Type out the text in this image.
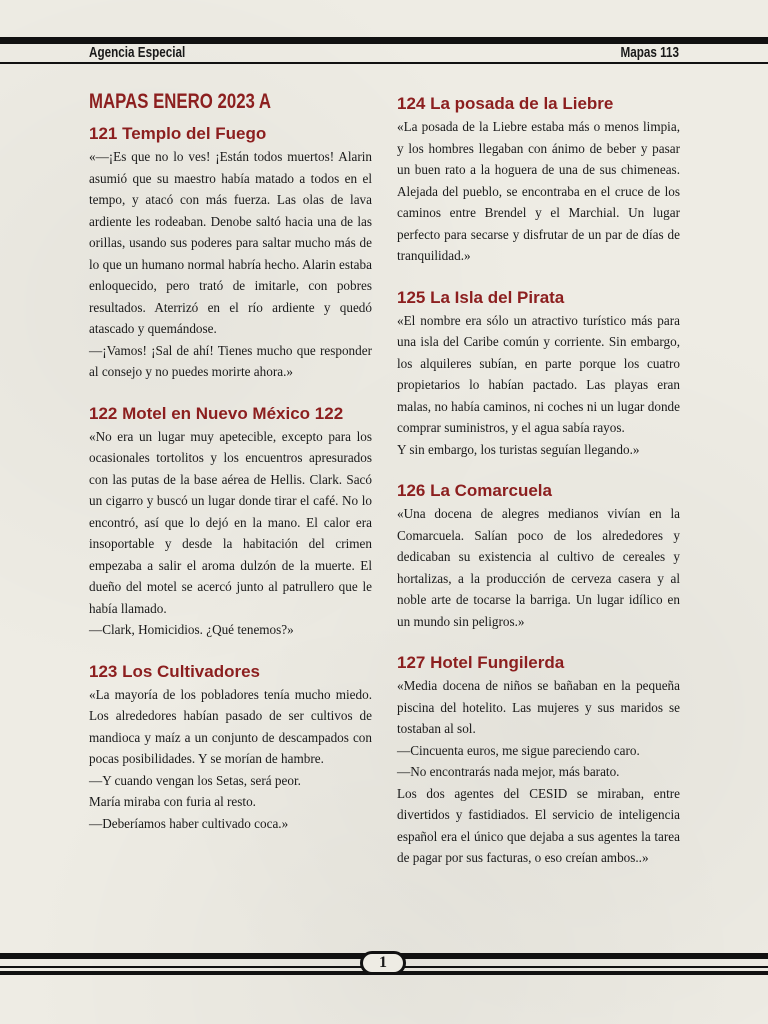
Agencia Especial	Mapas 113
MAPAS ENERO 2023 A
121 Templo del Fuego

«—¡Es que no lo ves! ¡Están todos muertos! Alarin asumió que su maestro había matado a todos en el tempo, y atacó con más fuerza. Las olas de lava ardiente les rodeaban. Denobe saltó hacia una de las orillas, usando sus poderes para saltar mucho más de lo que un humano normal habría hecho. Alarin estaba enloquecido, pero trató de imitarle, con pobres resultados. Aterrizó en el río ardiente y quedó atascado y quemándose.

—¡Vamos! ¡Sal de ahí! Tienes mucho que responder al consejo y no puedes morirte ahora.»

122 Motel en Nuevo México 122

«No era un lugar muy apetecible, excepto para los ocasionales tortolitos y los encuentros apresurados con las putas de la base aérea de Hellis. Clark. Sacó un cigarro y buscó un lugar donde tirar el café. No lo encontró, así que lo dejó en la mano. El calor era insoportable y desde la habitación del crimen empezaba a salir el aroma dulzón de la muerte. El dueño del motel se acercó junto al patrullero que le había llamado.

—Clark, Homicidios. ¿Qué tenemos?»

123 Los Cultivadores

«La mayoría de los pobladores tenía mucho miedo. Los alrededores habían pasado de ser cultivos de mandioca y maíz a un conjunto de descampados con pocas posibilidades. Y se morían de hambre.

—Y cuando vengan los Setas, será peor.

María miraba con furia al resto.

—Deberíamos haber cultivado coca.»

124 La posada de la Liebre

«La posada de la Liebre estaba más o menos limpia, y los hombres llegaban con ánimo de beber y pasar un buen rato a la hoguera de una de sus chimeneas. Alejada del pueblo, se encontraba en el cruce de los caminos entre Brendel y el Marchial. Un lugar perfecto para secarse y disfrutar de un par de días de tranquilidad.»

125 La Isla del Pirata

«El nombre era sólo un atractivo turístico más para una isla del Caribe común y corriente. Sin embargo, los alquileres subían, en parte porque los cuatro propietarios lo habían pactado. Las playas eran malas, no había caminos, ni coches ni un lugar donde comprar suministros, y el agua sabía rayos.

Y sin embargo, los turistas seguían llegando.»

126 La Comarcuela

«Una docena de alegres medianos vivían en la Comarcuela. Salían poco de los alrededores y dedicaban su existencia al cultivo de cereales y hortalizas, a la producción de cerveza casera y al noble arte de tocarse la barriga. Un lugar idílico en un mundo sin peligros.»

127 Hotel Fungilerda

«Media docena de niños se bañaban en la pequeña piscina del hotelito. Las mujeres y sus maridos se tostaban al sol.

—Cincuenta euros, me sigue pareciendo caro.

—No encontrarás nada mejor, más barato.

Los dos agentes del CESID se miraban, entre divertidos y fastidiados. El servicio de inteligencia español era el único que dejaba a sus agentes la tarea de pagar por sus facturas, o eso creían ambos..»

1
